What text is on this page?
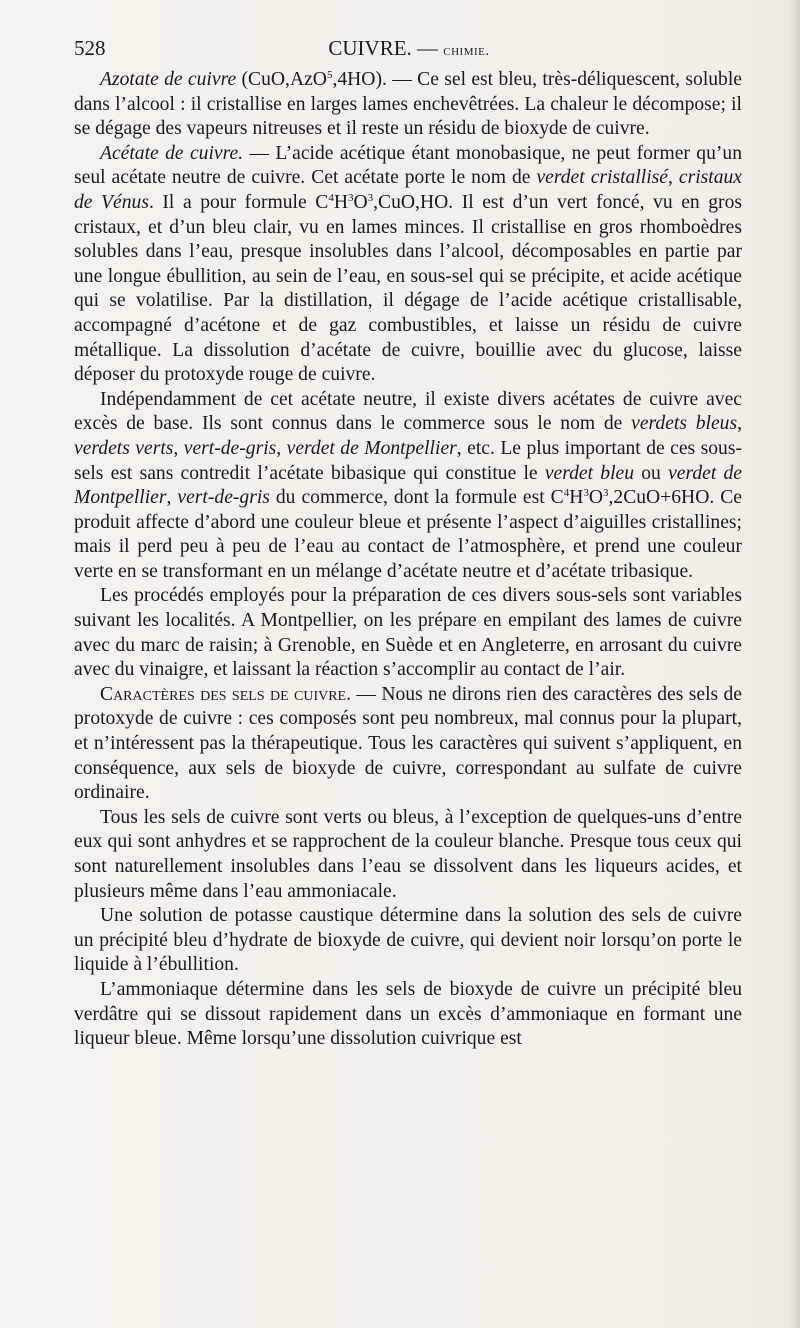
528	CUIVRE. — chimie.

Azotate de cuivre (CuO,AzO$^5$,4HO). — Ce sel est bleu, très-déliquescent, soluble dans l’alcool : il cristallise en larges lames enchevêtrées. La chaleur le décompose; il se dégage des vapeurs nitreuses et il reste un résidu de bioxyde de cuivre.

Acétate de cuivre. — L’acide acétique étant monobasique, ne peut former qu’un seul acétate neutre de cuivre. Cet acétate porte le nom de verdet cristallisé, cristaux de Vénus. Il a pour formule $C^4H^3O^3,CuO,HO$. Il est d’un vert foncé, vu en gros cristaux, et d’un bleu clair, vu en lames minces. Il cristallise en gros rhomboèdres solubles dans l’eau, presque insolubles dans l’alcool, décomposables en partie par une longue ébullition, au sein de l’eau, en sous-sel qui se précipite, et acide acétique qui se volatilise. Par la distillation, il dégage de l’acide acétique cristallisable, accompagné d’acétone et de gaz combustibles, et laisse un résidu de cuivre métallique. La dissolution d’acétate de cuivre, bouillie avec du glucose, laisse déposer du protoxyde rouge de cuivre.

Indépendamment de cet acétate neutre, il existe divers acétates de cuivre avec excès de base. Ils sont connus dans le commerce sous le nom de verdets bleus, verdets verts, vert-de-gris, verdet de Montpellier, etc. Le plus important de ces sous-sels est sans contredit l’acétate bibasique qui constitue le verdet bleu ou verdet de Montpellier, vert-de-gris du commerce, dont la formule est $C^4H^3O^3,2CuO+6HO$. Ce produit affecte d’abord une couleur bleue et présente l’aspect d’aiguilles cristallines; mais il perd peu à peu de l’eau au contact de l’atmosphère, et prend une couleur verte en se transformant en un mélange d’acétate neutre et d’acétate tribasique.

Les procédés employés pour la préparation de ces divers sous-sels sont variables suivant les localités. A Montpellier, on les prépare en empilant des lames de cuivre avec du marc de raisin; à Grenoble, en Suède et en Angleterre, en arrosant du cuivre avec du vinaigre, et laissant la réaction s’accomplir au contact de l’air.

Caractères des sels de cuivre. — Nous ne dirons rien des caractères des sels de protoxyde de cuivre : ces composés sont peu nombreux, mal connus pour la plupart, et n’intéressent pas la thérapeutique. Tous les caractères qui suivent s’appliquent, en conséquence, aux sels de bioxyde de cuivre, correspondant au sulfate de cuivre ordinaire.

Tous les sels de cuivre sont verts ou bleus, à l’exception de quelques-uns d’entre eux qui sont anhydres et se rapprochent de la couleur blanche. Presque tous ceux qui sont naturellement insolubles dans l’eau se dissolvent dans les liqueurs acides, et plusieurs même dans l’eau ammoniacale.

Une solution de potasse caustique détermine dans la solution des sels de cuivre un précipité bleu d’hydrate de bioxyde de cuivre, qui devient noir lorsqu’on porte le liquide à l’ébullition.

L’ammoniaque détermine dans les sels de bioxyde de cuivre un précipité bleu verdâtre qui se dissout rapidement dans un excès d’ammoniaque en formant une liqueur bleue. Même lorsqu’une dissolution cuivrique est
